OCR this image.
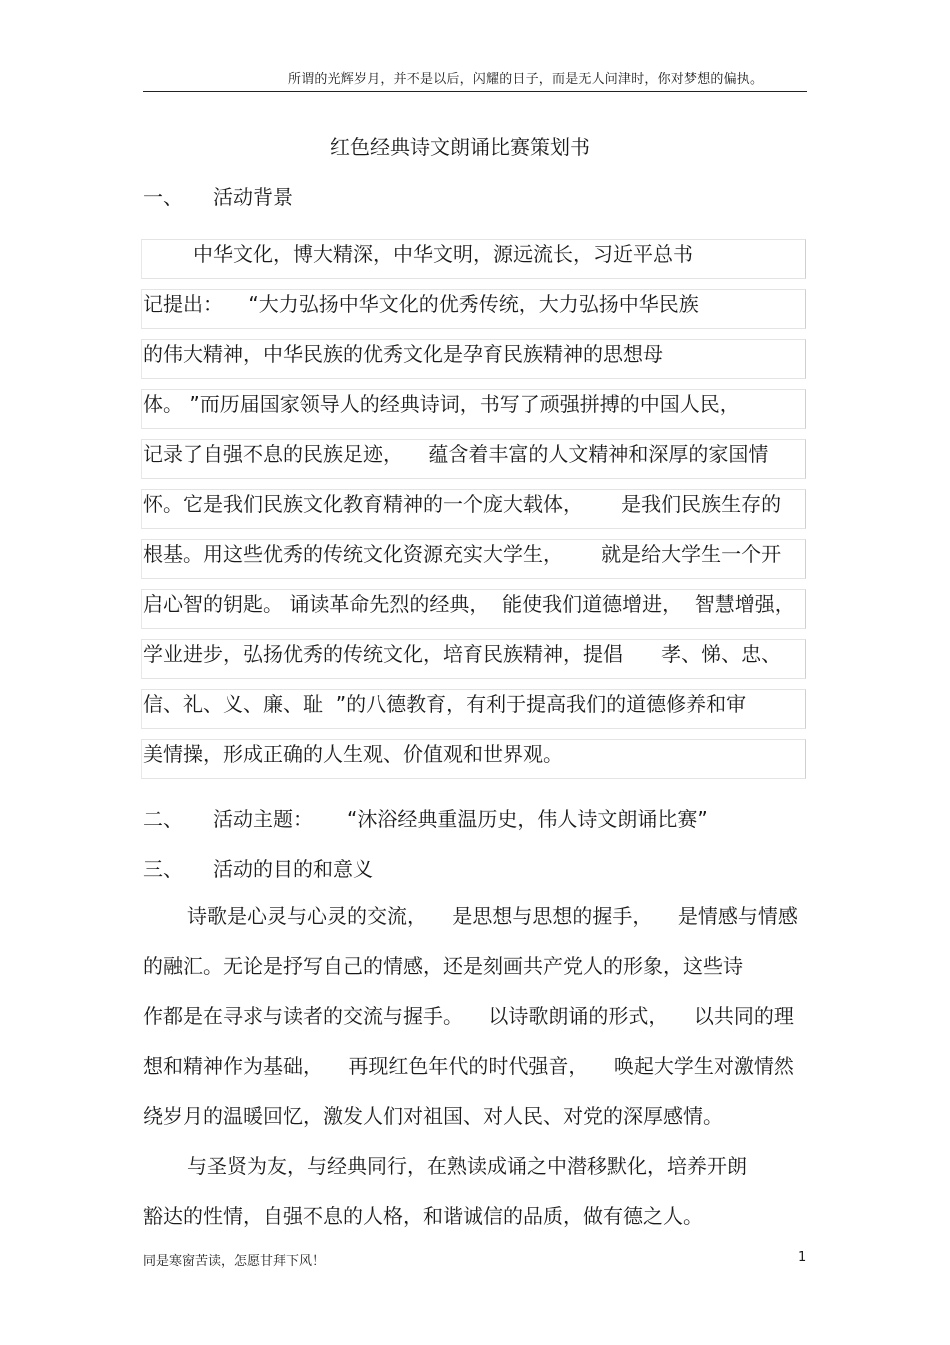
所谓的光辉岁月，并不是以后，闪耀的日子，而是无人问津时，你对梦想的偏执。
红色经典诗文朗诵比赛策划书
一、 活动背景
中华文化，博大精深，中华文明，源远流长，习近平总书
记提出：    “大力弘扬中华文化的优秀传统，大力弘扬中华民族
的伟大精神，中华民族的优秀文化是孕育民族精神的思想母
体。 ”而历届国家领导人的经典诗词，书写了顽强拼搏的中国人民，
记录了自强不息的民族足迹，    蕴含着丰富的人文精神和深厚的家国情
怀。它是我们民族文化教育精神的一个庞大载体，      是我们民族生存的
根基。用这些优秀的传统文化资源充实大学生，      就是给大学生一个开
启心智的钥匙。 诵读革命先烈的经典，  能使我们道德增进，  智慧增强，
学业进步，弘扬优秀的传统文化，培育民族精神，提倡      孝、悌、忠、
信、礼、义、廉、耻  ”的八德教育，有利于提高我们的道德修养和审
美情操，形成正确的人生观、价值观和世界观。
二、 活动主题： “沐浴经典重温历史，伟人诗文朗诵比赛”
三、 活动的目的和意义
诗歌是心灵与心灵的交流，    是思想与思想的握手，    是情感与情感
的融汇。无论是抒写自己的情感，还是刻画共产党人的形象，这些诗
作都是在寻求与读者的交流与握手。    以诗歌朗诵的形式，    以共同的理
想和精神作为基础，    再现红色年代的时代强音，    唤起大学生对激情然
绕岁月的温暖回忆，激发人们对祖国、对人民、对党的深厚感情。
与圣贤为友，与经典同行，在熟读成诵之中潜移默化，培养开朗
豁达的性情，自强不息的人格，和谐诚信的品质，做有德之人。
同是寒窗苦读，怎愿甘拜下风！	1
